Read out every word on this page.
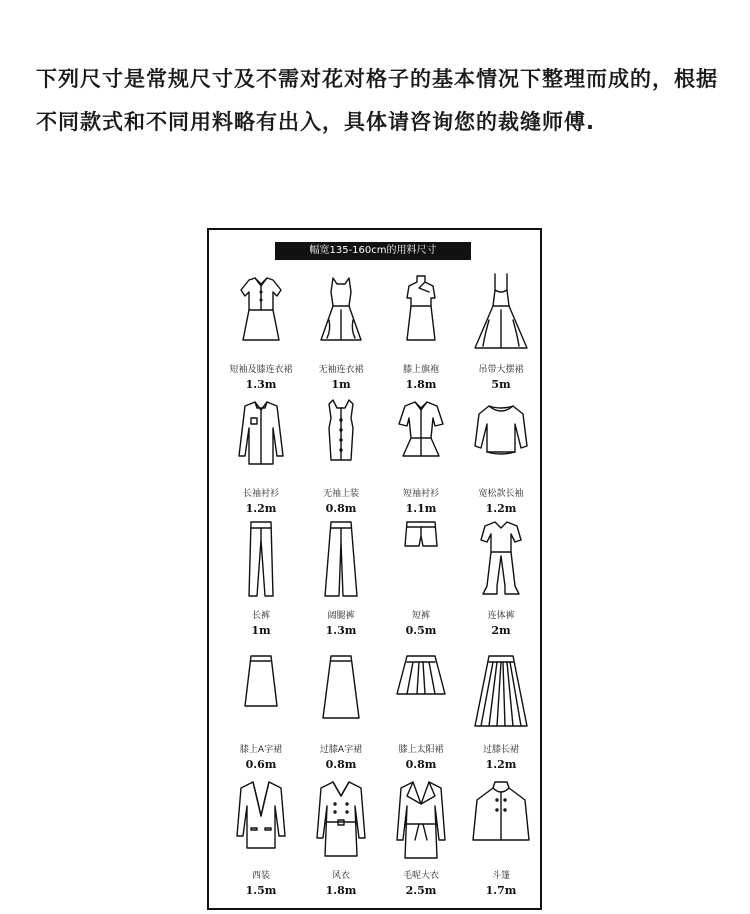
下列尺寸是常规尺寸及不需对花对格子的基本情况下整理而成的，根据不同款式和不同用料略有出入，具体请咨询您的裁缝师傅.

幅宽135-160cm的用料尺寸
短袖及膝连衣裙
1.3m
无袖连衣裙
1m
膝上旗袍
1.8m
吊带大摆裙
5m
长袖衬衫
1.2m
无袖上装
0.8m
短袖衬衫
1.1m
宽松款长袖
1.2m
长裤
1m
阔腿裤
1.3m
短裤
0.5m
连体裤
2m
膝上A字裙
0.6m
过膝A字裙
0.8m
膝上太阳裙
0.8m
过膝长裙
1.2m
西装
1.5m
风衣
1.8m
毛呢大衣
2.5m
斗篷
1.7m
